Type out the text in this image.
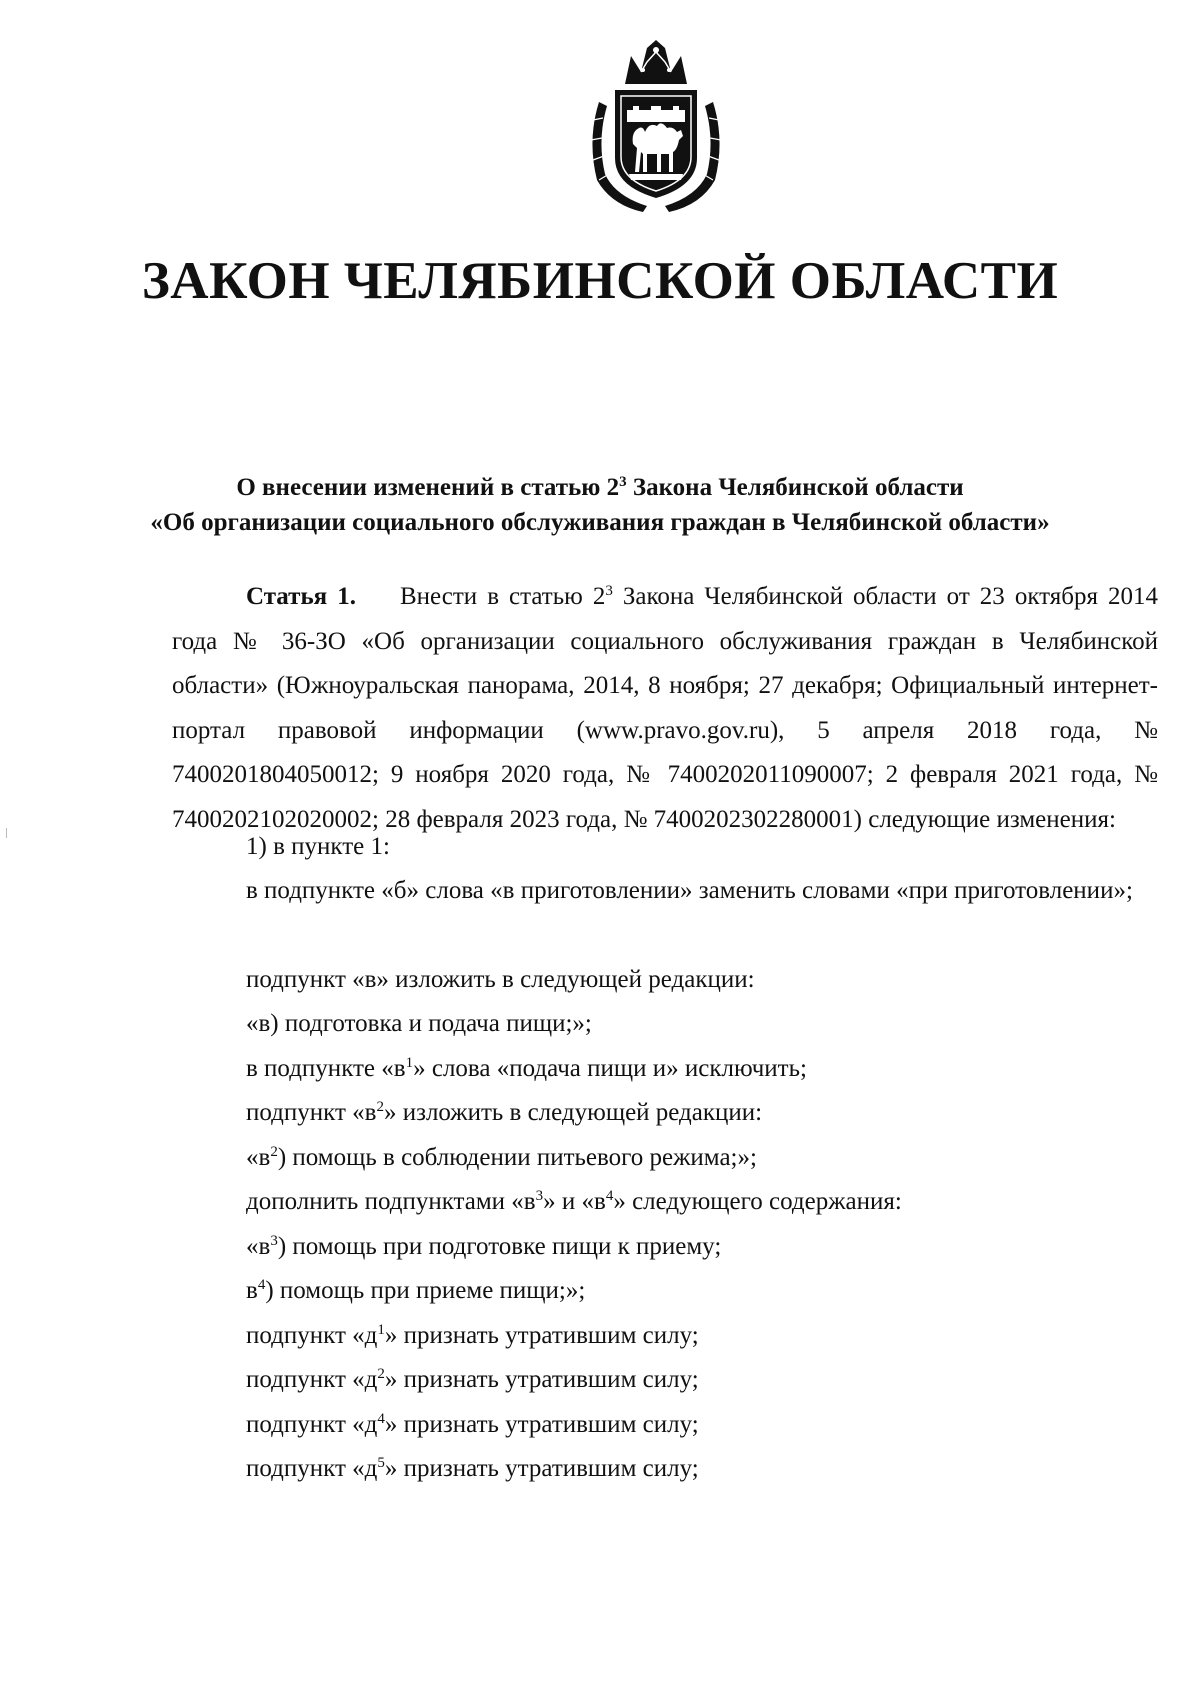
ЗАКОН ЧЕЛЯБИНСКОЙ ОБЛАСТИ
О внесении изменений в статью $2^3$ Закона Челябинской области
«Об организации социального обслуживания граждан в Челябинской области»

Статья 1. Внести в статью $2^3$ Закона Челябинской области от 23 октября 2014 года № 36-ЗО «Об организации социального обслуживания граждан в Челябинской области» (Южноуральская панорама, 2014, 8 ноября; 27 декабря; Официальный интернет-портал правовой информации (www.pravo.gov.ru), 5 апреля 2018 года, № 7400201804050012; 9 ноября 2020 года, № 7400202011090007; 2 февраля 2021 года, № 7400202102020002; 28 февраля 2023 года, № 7400202302280001) следующие изменения:

1) в пункте 1:

в подпункте «б» слова «в приготовлении» заменить словами «при приготовлении»;

подпункт «в» изложить в следующей редакции:

«в) подготовка и подача пищи;»;

в подпункте «$в^1$» слова «подача пищи и» исключить;

подпункт «$в^2$» изложить в следующей редакции:

«$в^2$) помощь в соблюдении питьевого режима;»;

дополнить подпунктами «$в^3$» и «$в^4$» следующего содержания:

«$в^3$) помощь при подготовке пищи к приему;

$в^4$) помощь при приеме пищи;»;

подпункт «$д^1$» признать утратившим силу;

подпункт «$д^2$» признать утратившим силу;

подпункт «$д^4$» признать утратившим силу;

подпункт «$д^5$» признать утратившим силу;
